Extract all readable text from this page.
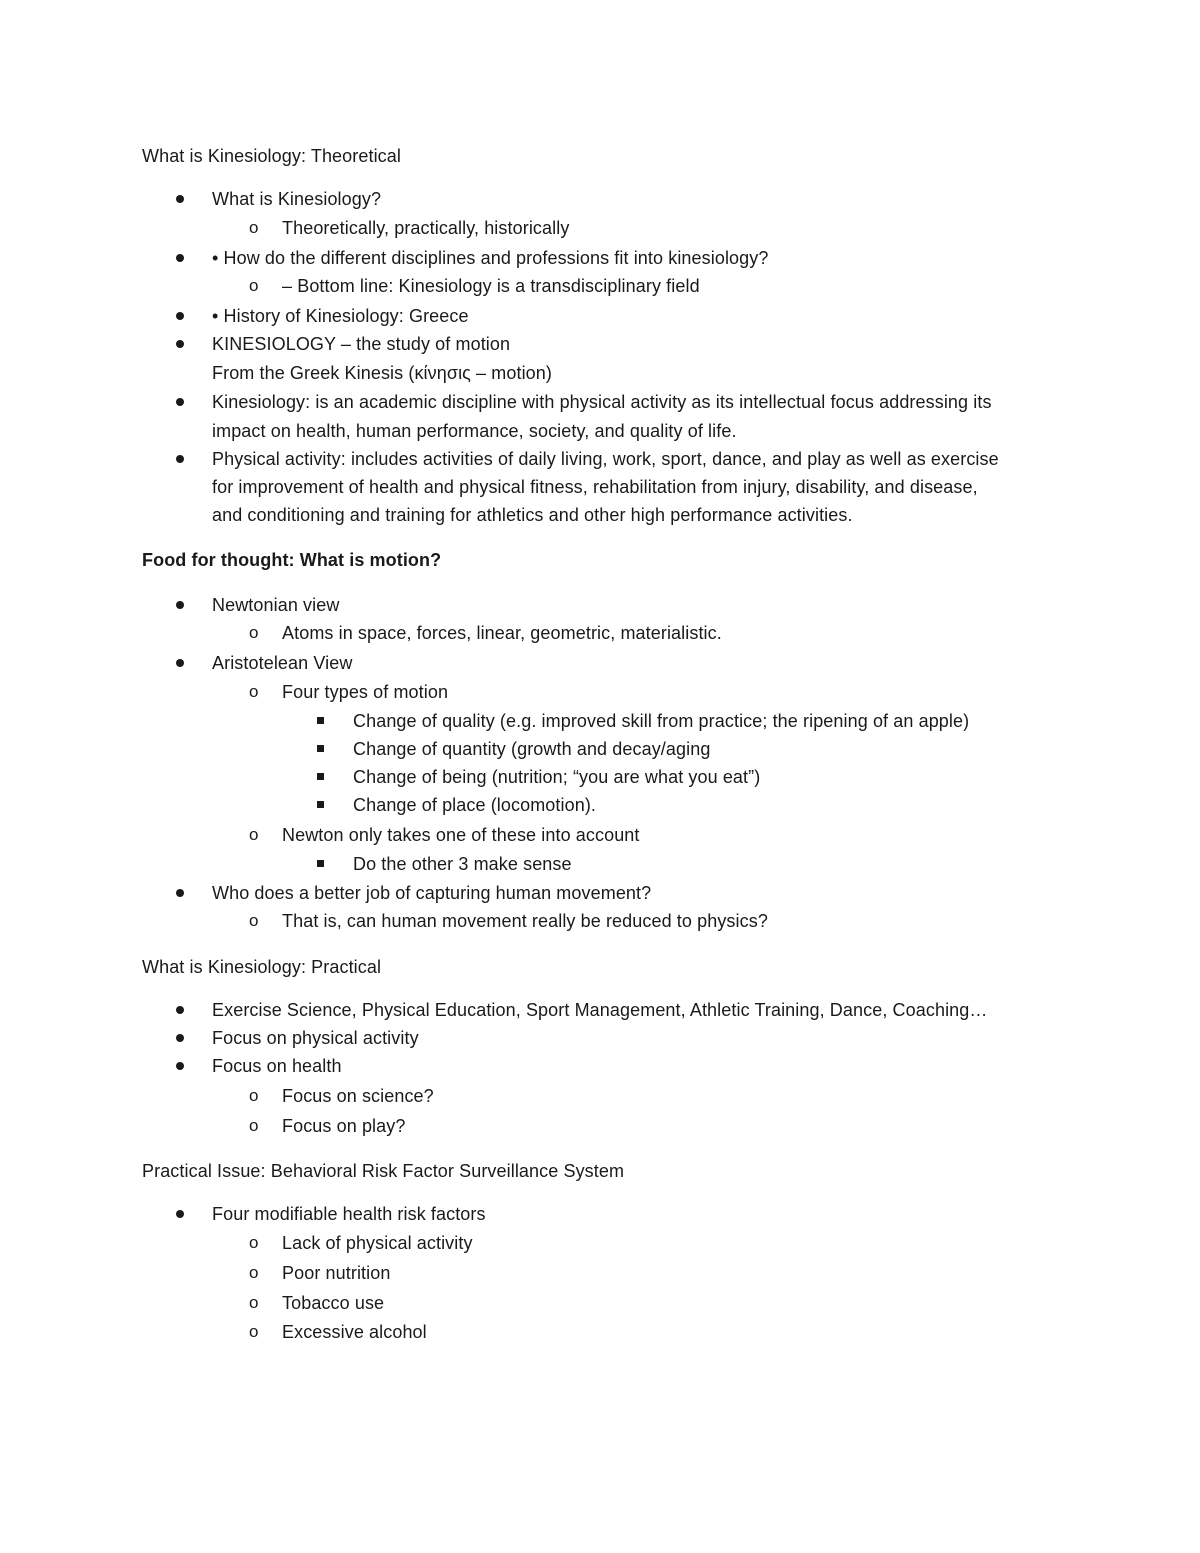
What is Kinesiology: Theoretical
What is Kinesiology?
o Theoretically, practically, historically
• How do the different disciplines and professions fit into kinesiology?
o – Bottom line: Kinesiology is a transdisciplinary field
• History of Kinesiology: Greece
KINESIOLOGY – the study of motion
From the Greek Kinesis (κίνησις – motion)
Kinesiology: is an academic discipline with physical activity as its intellectual focus addressing its
impact on health, human performance, society, and quality of life.
Physical activity: includes activities of daily living, work, sport, dance, and play as well as exercise
for improvement of health and physical fitness, rehabilitation from injury, disability, and disease,
and conditioning and training for athletics and other high performance activities.
Food for thought: What is motion?
Newtonian view
o Atoms in space, forces, linear, geometric, materialistic.
Aristotelean View
o Four types of motion
Change of quality (e.g. improved skill from practice; the ripening of an apple)
Change of quantity (growth and decay/aging
Change of being (nutrition; “you are what you eat”)
Change of place (locomotion).
o Newton only takes one of these into account
Do the other 3 make sense
Who does a better job of capturing human movement?
o That is, can human movement really be reduced to physics?
What is Kinesiology: Practical
Exercise Science, Physical Education, Sport Management, Athletic Training, Dance, Coaching…
Focus on physical activity
Focus on health
o Focus on science?
o Focus on play?
Practical Issue: Behavioral Risk Factor Surveillance System
Four modifiable health risk factors
o Lack of physical activity
o Poor nutrition
o Tobacco use
o Excessive alcohol
